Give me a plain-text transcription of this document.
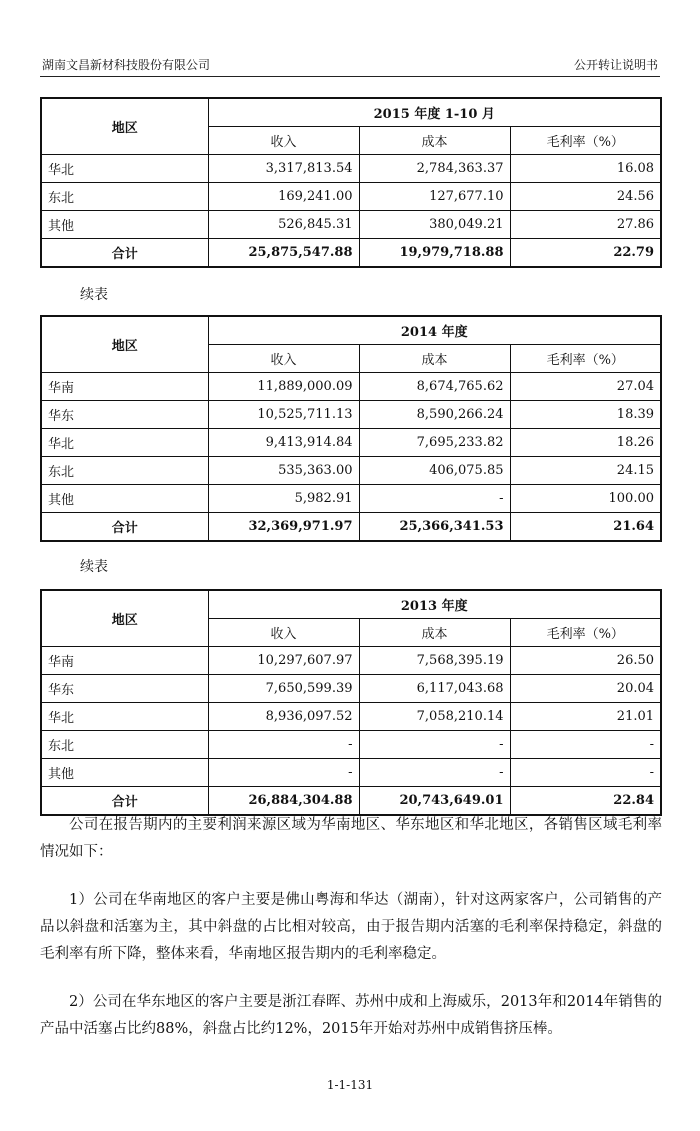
湖南文昌新材科技股份有限公司	公开转让说明书
地区	2015 年度 1-10 月		
	收入	成本	毛利率（%）
华北	3,317,813.54	2,784,363.37	16.08
东北	169,241.00	127,677.10	24.56
其他	526,845.31	380,049.21	27.86
合计	25,875,547.88	19,979,718.88	22.79
续表
地区	2014 年度		
	收入	成本	毛利率（%）
华南	11,889,000.09	8,674,765.62	27.04
华东	10,525,711.13	8,590,266.24	18.39
华北	9,413,914.84	7,695,233.82	18.26
东北	535,363.00	406,075.85	24.15
其他	5,982.91	-	100.00
合计	32,369,971.97	25,366,341.53	21.64
续表
地区	2013 年度		
	收入	成本	毛利率（%）
华南	10,297,607.97	7,568,395.19	26.50
华东	7,650,599.39	6,117,043.68	20.04
华北	8,936,097.52	7,058,210.14	21.01
东北	-	-	-
其他	-	-	-
合计	26,884,304.88	20,743,649.01	22.84

公司在报告期内的主要利润来源区域为华南地区、华东地区和华北地区，各销售区域毛利率情况如下：

1）公司在华南地区的客户主要是佛山粤海和华达（湖南），针对这两家客户，公司销售的产品以斜盘和活塞为主，其中斜盘的占比相对较高，由于报告期内活塞的毛利率保持稳定，斜盘的毛利率有所下降，整体来看，华南地区报告期内的毛利率稳定。

2）公司在华东地区的客户主要是浙江春晖、苏州中成和上海威乐，2013年和2014年销售的产品中活塞占比约88%，斜盘占比约12%，2015年开始对苏州中成销售挤压棒。

1-1-131
